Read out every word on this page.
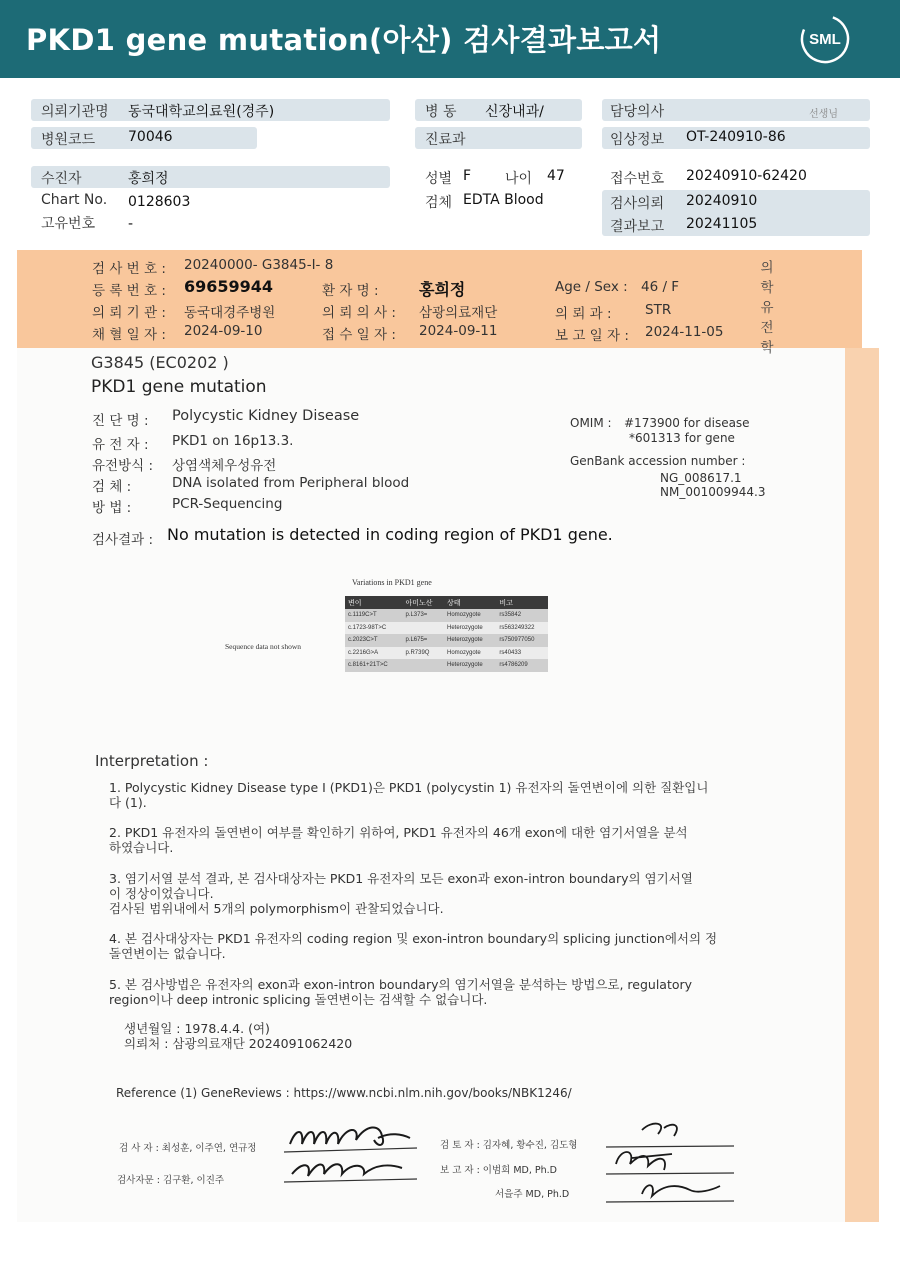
PKD1 gene mutation(아산) 검사결과보고서	SML
의뢰기관명 동국대학교의료원(경주)
병원코드 70046
병 동 신장내과/
진료과
담당의사	선생님
임상정보 OT-240910-86
수진자	홍희정
Chart No. 0128603
고유번호 -
성별 F 나이 47
검체 EDTA Blood
접수번호 20240910-62420
검사의뢰 20240910
결과보고 20241105
검 사 번 호 : 20240000- G3845-I- 8
등 록 번 호 : 69659944	환 자 명 :	홍희정	Age / Sex : 46 / F
의
학
유
전
학
의 뢰 기 관 : 동국대경주병원	의 뢰 의 사 : 삼광의료재단	의 뢰 과 : STR
채 혈 일 자 : 2024-09-10	접 수 일 자 : 2024-09-11	보 고 일 자 : 2024-11-05
G3845 (EC0202 )
PKD1 gene mutation
진 단 명 : Polycystic Kidney Disease
유 전 자 : PKD1 on 16p13.3.
유전방식 : 상염색체우성유전
검 체 :	DNA isolated from Peripheral blood
방 법 :	PCR-Sequencing
OMIM : #173900 for disease
*601313 for gene
GenBank accession number :
NG_008617.1
NM_001009944.3
검사결과 : No mutation is detected in coding region of PKD1 gene.
Variations in PKD1 gene
Sequence data not shown
변이	아미노산	상태	비고
c.1119C>T	p.L373=	Homozygote	rs35842
c.1723-98T>C		Heterozygote	rs563249322
c.2023C>T	p.L675=	Heterozygote	rs750977050
c.2216G>A	p.R739Q	Homozygote	rs40433
c.8161+21T>C		Heterozygote	rs4786209
Interpretation :
1. Polycystic Kidney Disease type I (PKD1)은 PKD1 (polycystin 1) 유전자의 돌연변이에 의한 질환입니
다 (1).
2. PKD1 유전자의 돌연변이 여부를 확인하기 위하여, PKD1 유전자의 46개 exon에 대한 염기서열을 분석
하였습니다.
3. 염기서열 분석 결과, 본 검사대상자는 PKD1 유전자의 모든 exon과 exon-intron boundary의 염기서열
이 정상이었습니다.
검사된 범위내에서 5개의 polymorphism이 관찰되었습니다.
4. 본 검사대상자는 PKD1 유전자의 coding region 및 exon-intron boundary의 splicing junction에서의 정
돌연변이는 없습니다.
5. 본 검사방법은 유전자의 exon과 exon-intron boundary의 염기서열을 분석하는 방법으로, regulatory
region이나 deep intronic splicing 돌연변이는 검색할 수 없습니다.
생년월일 : 1978.4.4. (여)
의뢰처 : 삼광의료재단 2024091062420
Reference (1) GeneReviews : https://www.ncbi.nlm.nih.gov/books/NBK1246/
검 사 자 : 최성훈, 이주연, 연규정
검사자문 : 김구환, 이진주
검 토 자 : 김자혜, 황수진, 김도형
보 고 자 : 이범희 MD, Ph.D
서을주 MD, Ph.D
